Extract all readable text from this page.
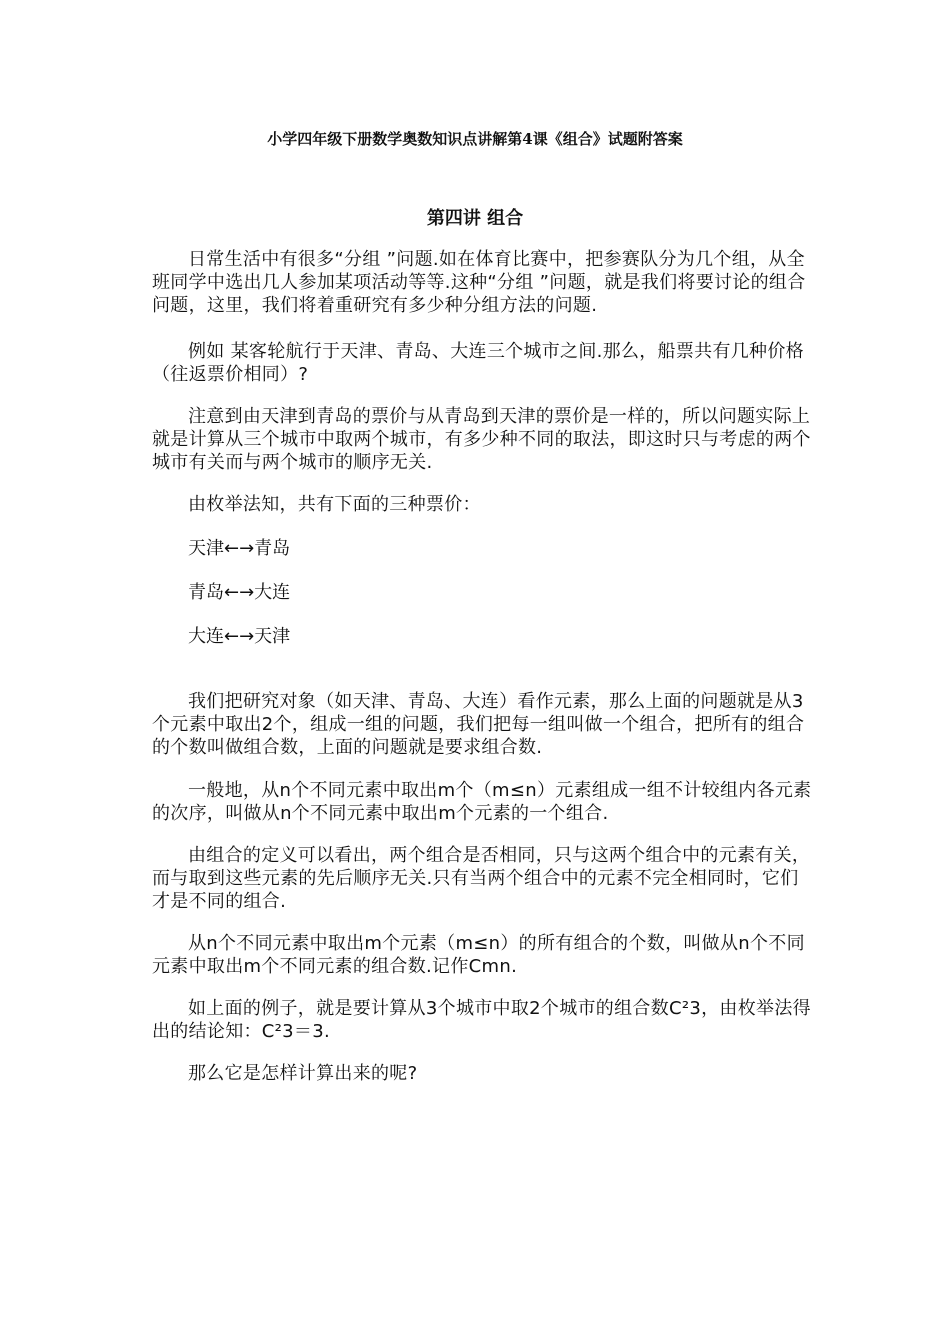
小学四年级下册数学奥数知识点讲解第4课《组合》试题附答案
第四讲 组合

日常生活中有很多“分组 ”问题.如在体育比赛中，把参赛队分为几个组，从全班同学中选出几人参加某项活动等等.这种“分组 ”问题，就是我们将要讨论的组合问题，这里，我们将着重研究有多少种分组方法的问题.

例如 某客轮航行于天津、青岛、大连三个城市之间.那么，船票共有几种价格（往返票价相同）?

注意到由天津到青岛的票价与从青岛到天津的票价是一样的，所以问题实际上就是计算从三个城市中取两个城市，有多少种不同的取法，即这时只与考虑的两个城市有关而与两个城市的顺序无关.

由枚举法知，共有下面的三种票价：

天津←→青岛

青岛←→大连

大连←→天津

我们把研究对象（如天津、青岛、大连）看作元素，那么上面的问题就是从3个元素中取出2个，组成一组的问题，我们把每一组叫做一个组合，把所有的组合的个数叫做组合数，上面的问题就是要求组合数.

一般地，从n个不同元素中取出m个（m≤n）元素组成一组不计较组内各元素的次序，叫做从n个不同元素中取出m个元素的一个组合.

由组合的定义可以看出，两个组合是否相同，只与这两个组合中的元素有关，而与取到这些元素的先后顺序无关.只有当两个组合中的元素不完全相同时，它们才是不同的组合.

从n个不同元素中取出m个元素（m≤n）的所有组合的个数，叫做从n个不同元素中取出m个不同元素的组合数.记作Cmn.

如上面的例子，就是要计算从3个城市中取2个城市的组合数C²3，由枚举法得出的结论知：C²3＝3.

那么它是怎样计算出来的呢?
